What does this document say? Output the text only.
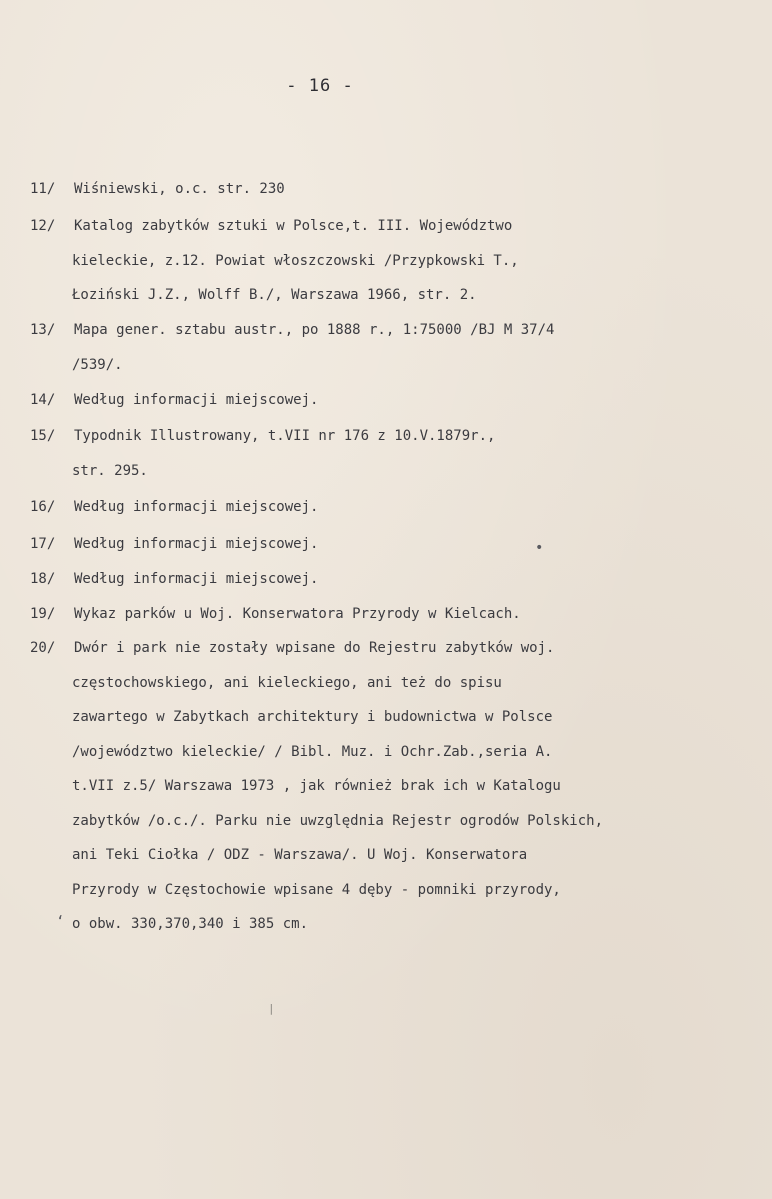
- 16 -
11/	Wiśniewski, o.c. str. 230
12/	Katalog zabytków sztuki w Polsce,t. III. Województwo
kieleckie, z.12. Powiat włoszczowski /Przypkowski T.,
Łoziński J.Z., Wolff B./, Warszawa 1966, str. 2.
13/	Mapa gener. sztabu austr., po 1888 r., 1:75000 /BJ M 37/4
/539/.
14/	Według informacji miejscowej.
15/	Typodnik Illustrowany, t.VII nr 176 z 10.V.1879r.,
str. 295.
16/	Według informacji miejscowej.
17/	Według informacji miejscowej.
18/	Według informacji miejscowej.
19/	Wykaz parków u Woj. Konserwatora Przyrody w Kielcach.
20/	Dwór i park nie zostały wpisane do Rejestru zabytków woj.
częstochowskiego, ani kieleckiego, ani też do spisu
zawartego w Zabytkach architektury i budownictwa w Polsce
/województwo kieleckie/ / Bibl. Muz. i Ochr.Zab.,seria A.
t.VII z.5/ Warszawa 1973 , jak również brak ich w Katalogu
zabytków /o.c./. Parku nie uwzględnia Rejestr ogrodów Polskich,
ani Teki Ciołka / ODZ - Warszawa/. U Woj. Konserwatora
Przyrody w Częstochowie wpisane 4 dęby - pomniki przyrody,
o obw. 330,370,340 i 385 cm.
•
‘
|
